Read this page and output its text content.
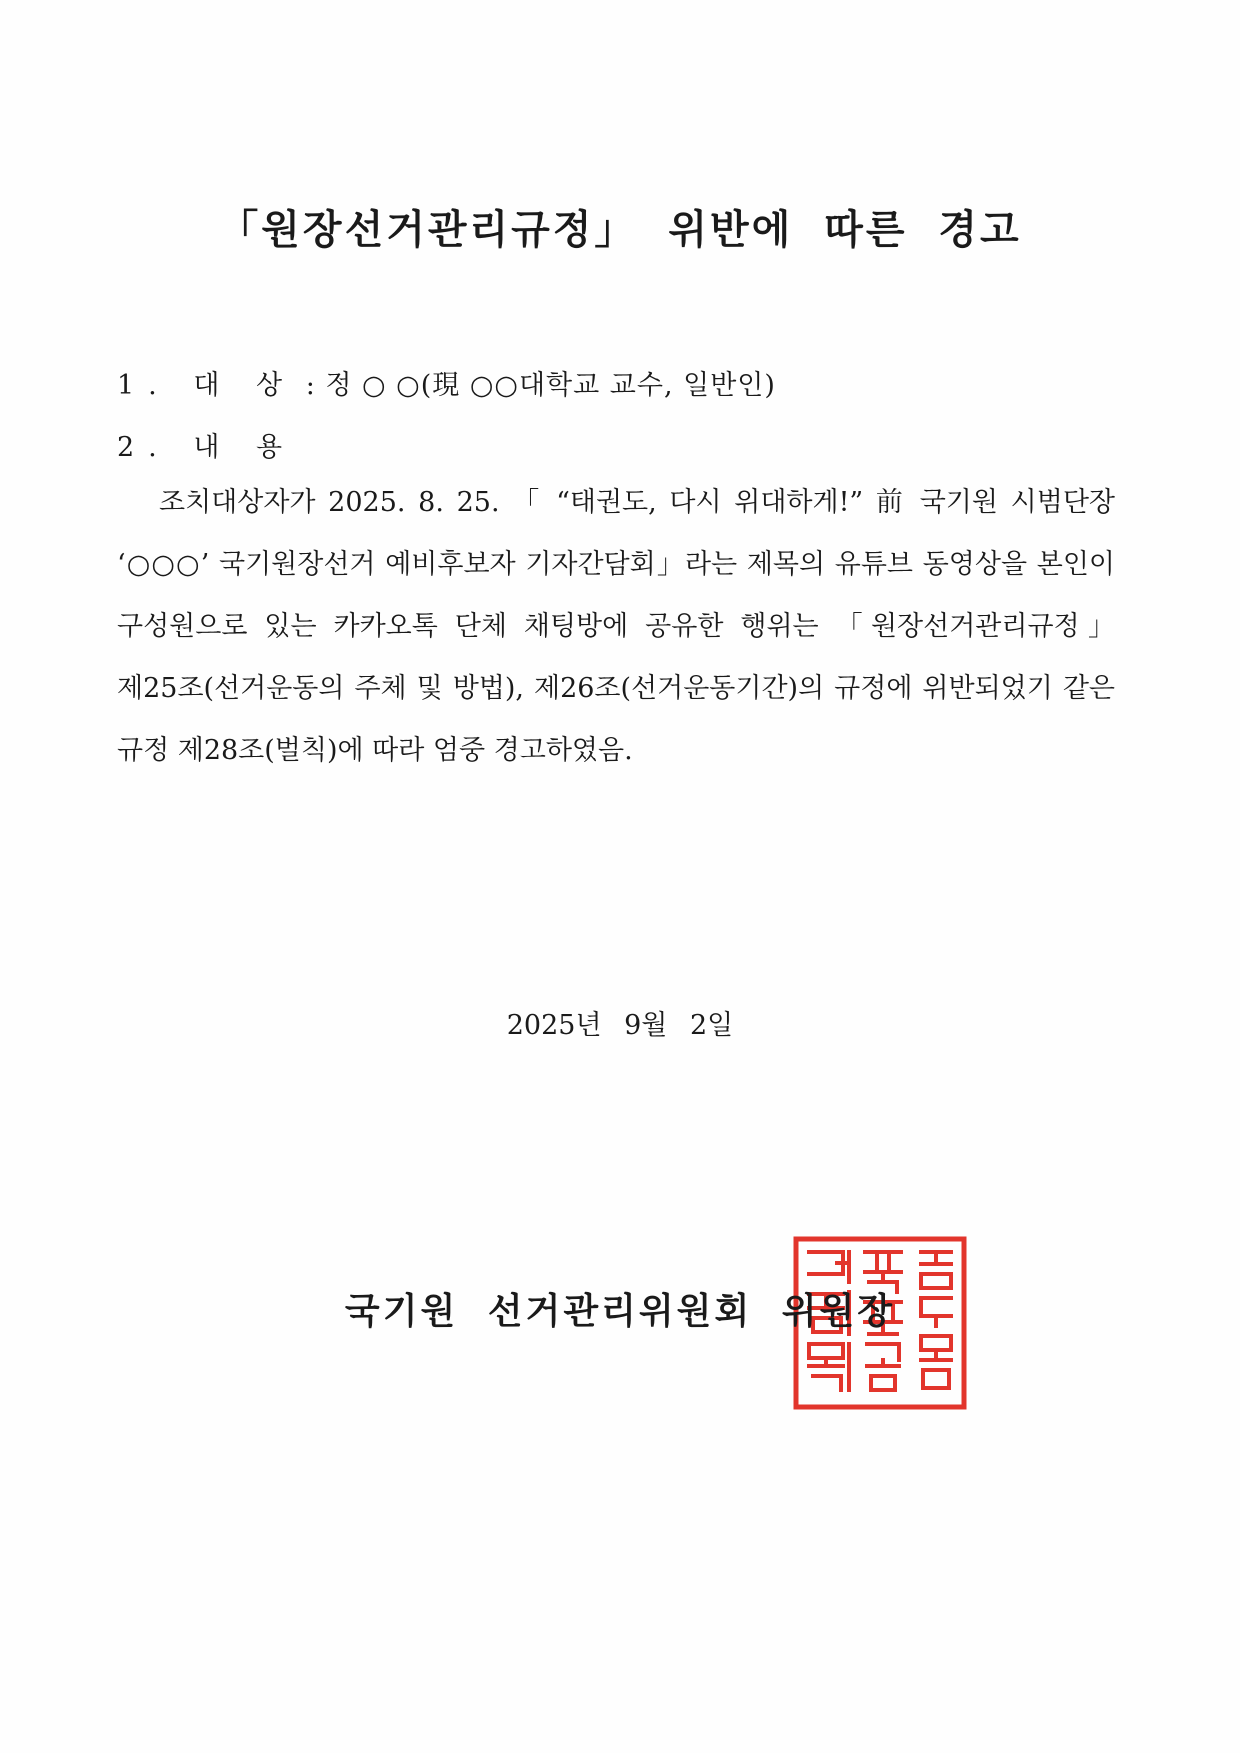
「원장선거관리규정」 위반에 따른 경고
1. 대 상 : 정 ○ ○(現 ○○대학교 교수, 일반인)
2. 내 용
조치대상자가 2025. 8. 25. 「 “태권도, 다시 위대하게!” 前 국기원 시범단장 ‘○○○’ 국기원장선거 예비후보자 기자간담회」라는 제목의 유튜브 동영상을 본인이 구성원으로 있는 카카오톡 단체 채팅방에 공유한 행위는 「원장선거관리규정」 제25조(선거운동의 주체 및 방법), 제26조(선거운동기간)의 규정에 위반되었기 같은 규정 제28조(벌칙)에 따라 엄중 경고하였음.
2025년 9월 2일
국기원 선거관리위원회 위원장
